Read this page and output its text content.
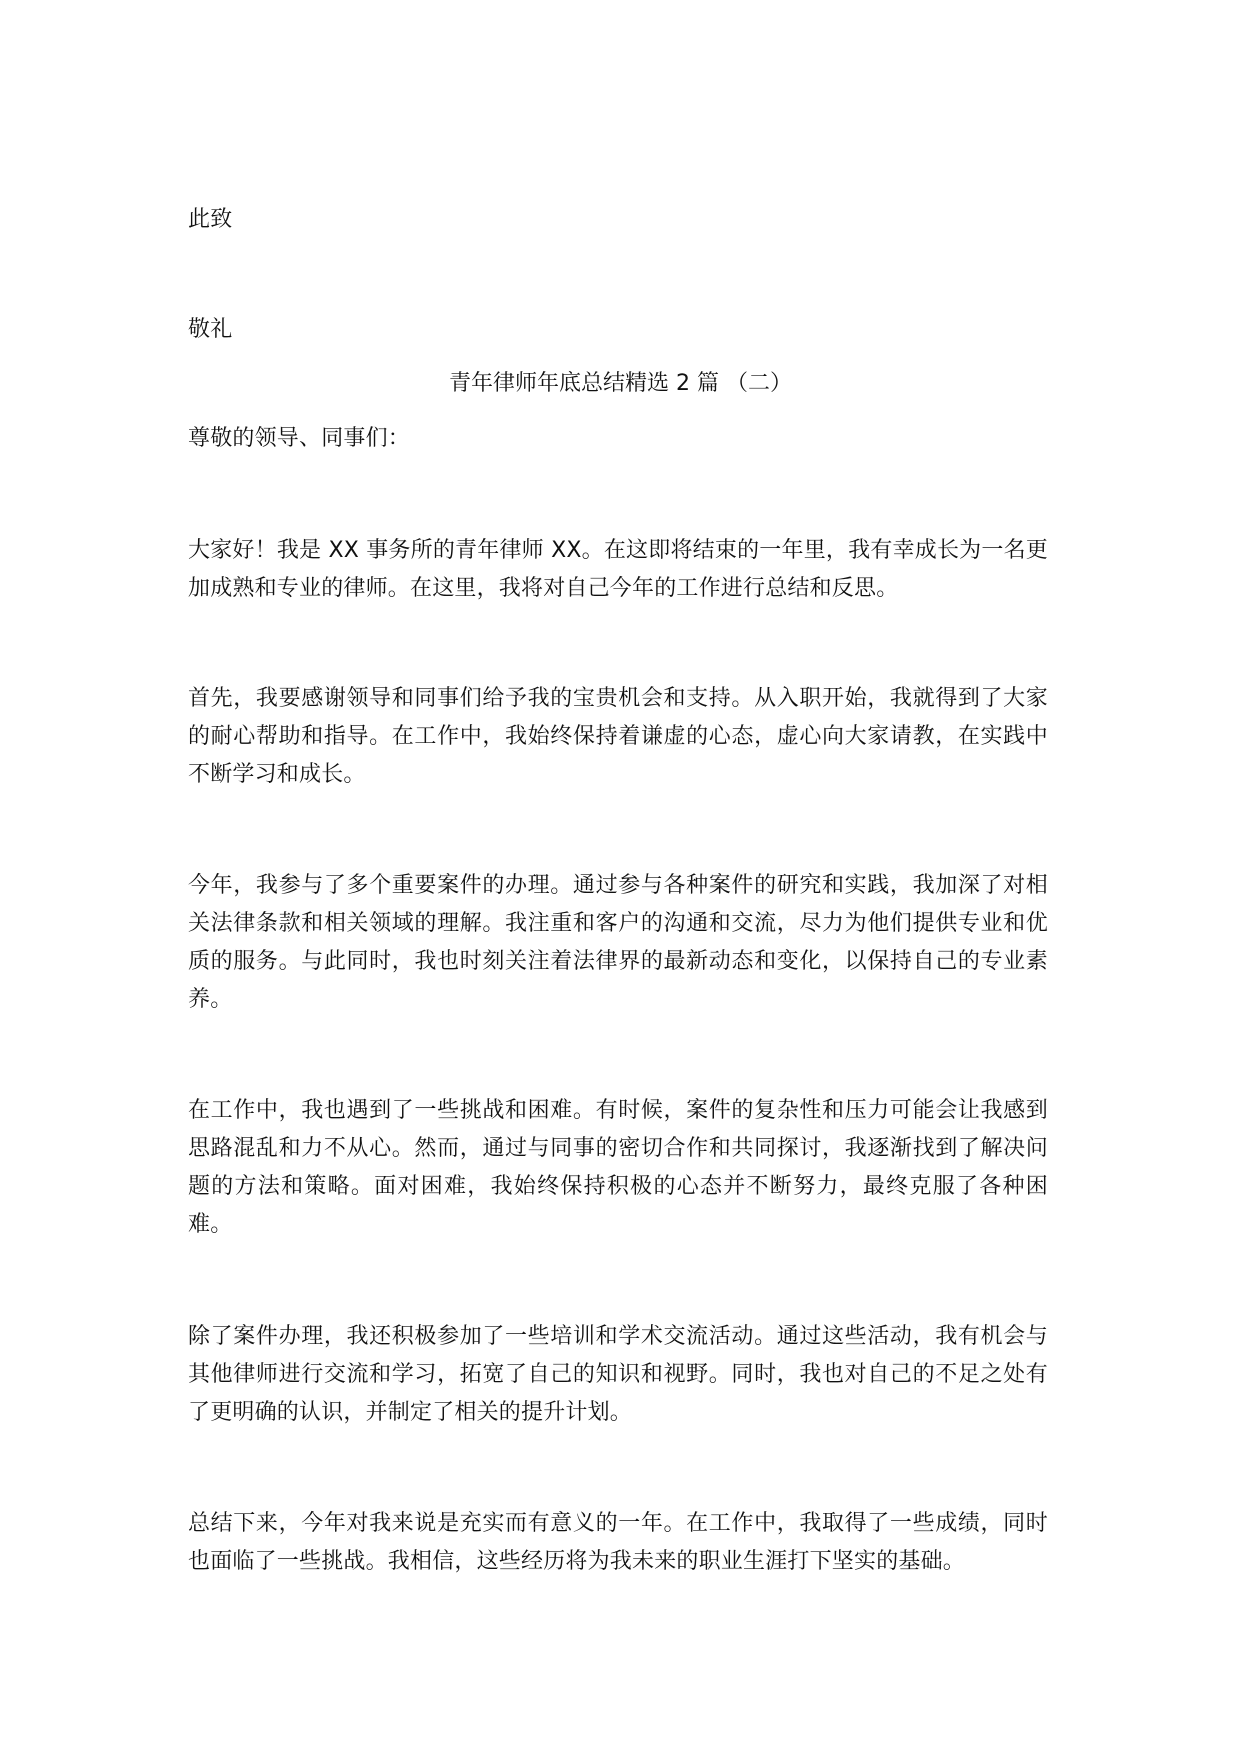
此致
敬礼
青年律师年底总结精选 2 篇 （二）
尊敬的领导、同事们：
大家好！我是 XX 事务所的青年律师 XX。在这即将结束的一年里，我有幸成长为一名更加成熟和专业的律师。在这里，我将对自己今年的工作进行总结和反思。
首先，我要感谢领导和同事们给予我的宝贵机会和支持。从入职开始，我就得到了大家的耐心帮助和指导。在工作中，我始终保持着谦虚的心态，虚心向大家请教，在实践中不断学习和成长。
今年，我参与了多个重要案件的办理。通过参与各种案件的研究和实践，我加深了对相关法律条款和相关领域的理解。我注重和客户的沟通和交流，尽力为他们提供专业和优质的服务。与此同时，我也时刻关注着法律界的最新动态和变化，以保持自己的专业素养。
在工作中，我也遇到了一些挑战和困难。有时候，案件的复杂性和压力可能会让我感到思路混乱和力不从心。然而，通过与同事的密切合作和共同探讨，我逐渐找到了解决问题的方法和策略。面对困难，我始终保持积极的心态并不断努力，最终克服了各种困难。
除了案件办理，我还积极参加了一些培训和学术交流活动。通过这些活动，我有机会与其他律师进行交流和学习，拓宽了自己的知识和视野。同时，我也对自己的不足之处有了更明确的认识，并制定了相关的提升计划。
总结下来，今年对我来说是充实而有意义的一年。在工作中，我取得了一些成绩，同时也面临了一些挑战。我相信，这些经历将为我未来的职业生涯打下坚实的基础。
